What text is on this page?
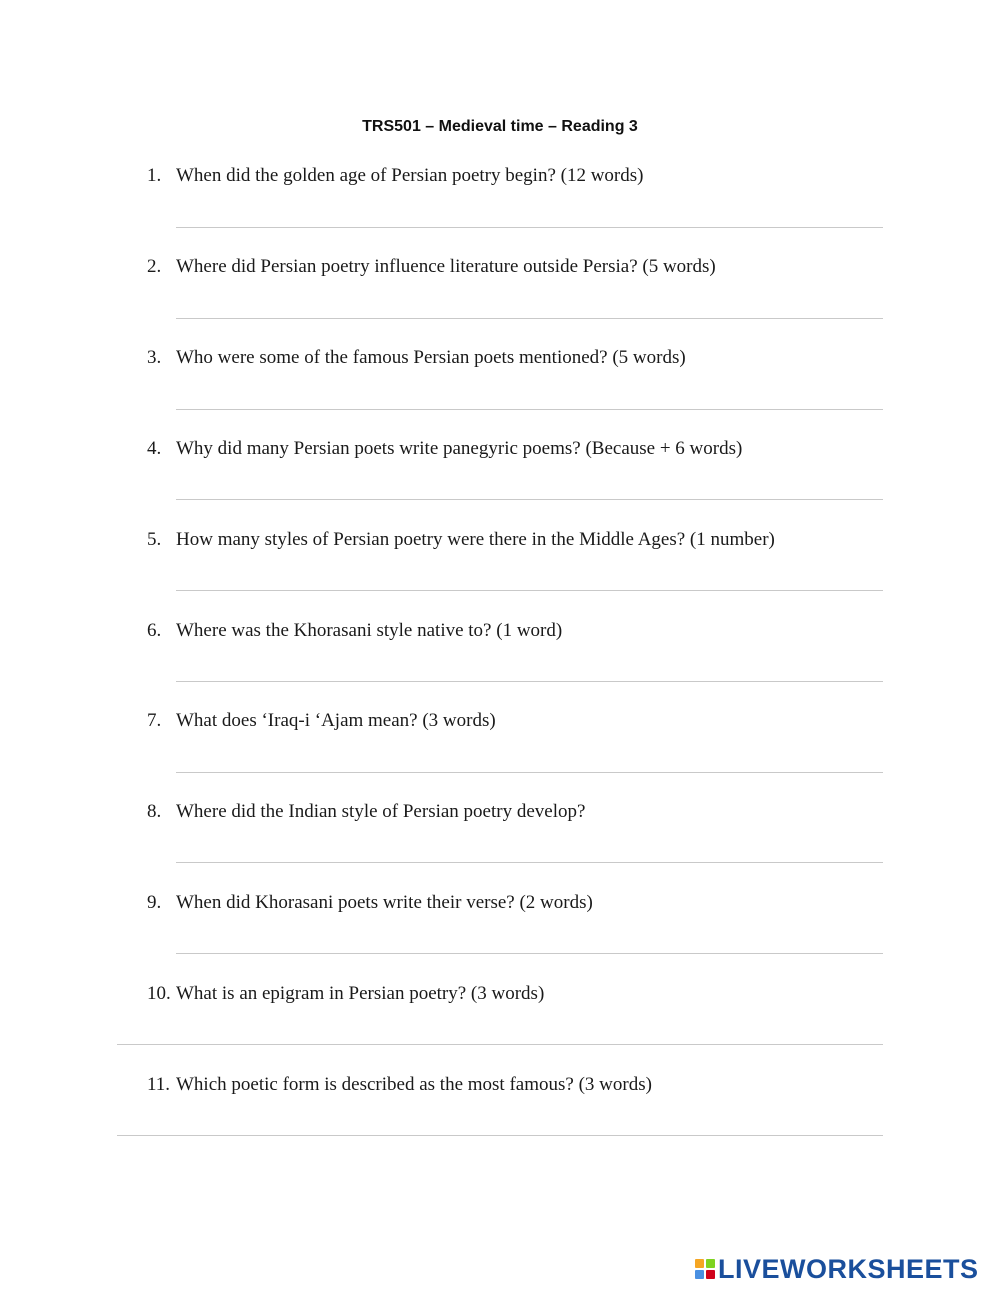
TRS501 – Medieval time – Reading 3
1. When did the golden age of Persian poetry begin? (12 words)
2. Where did Persian poetry influence literature outside Persia? (5 words)
3. Who were some of the famous Persian poets mentioned? (5 words)
4. Why did many Persian poets write panegyric poems? (Because + 6 words)
5. How many styles of Persian poetry were there in the Middle Ages? (1 number)
6. Where was the Khorasani style native to? (1 word)
7. What does ‘Iraq-i ‘Ajam mean? (3 words)
8. Where did the Indian style of Persian poetry develop?
9. When did Khorasani poets write their verse? (2 words)
10. What is an epigram in Persian poetry? (3 words)
11. Which poetic form is described as the most famous? (3 words)
LIVEWORKSHEETS
